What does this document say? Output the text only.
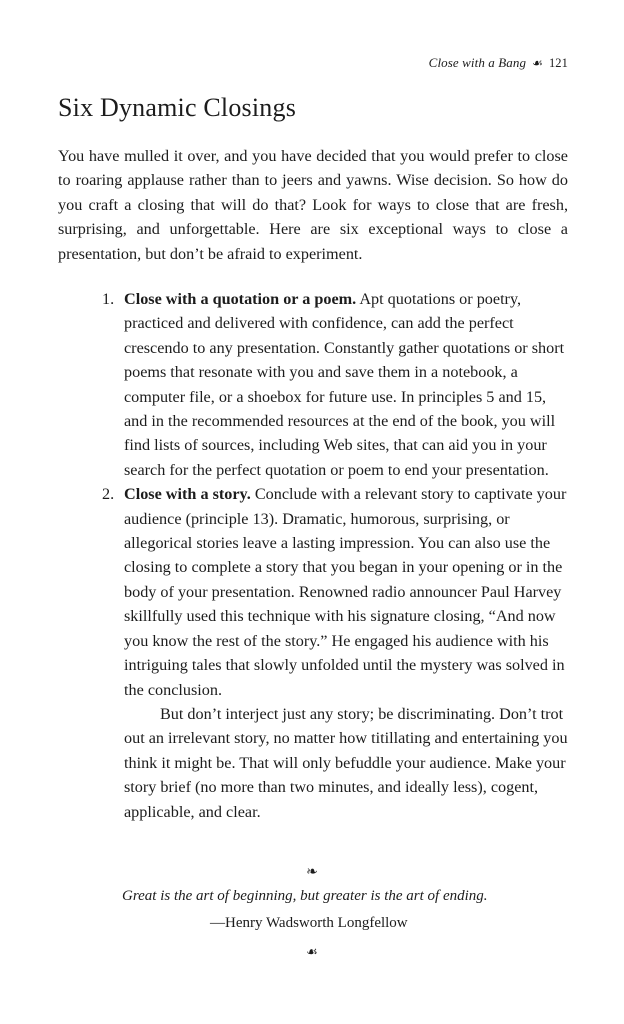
Close with a Bang ☙ 121
Six Dynamic Closings

You have mulled it over, and you have decided that you would prefer to close to roaring applause rather than to jeers and yawns. Wise decision. So how do you craft a closing that will do that? Look for ways to close that are fresh, surprising, and unforgettable. Here are six exceptional ways to close a presentation, but don’t be afraid to experiment.

1. Close with a quotation or a poem. Apt quotations or poetry, practiced and delivered with confidence, can add the perfect crescendo to any presentation. Constantly gather quotations or short poems that resonate with you and save them in a notebook, a computer file, or a shoebox for future use. In principles 5 and 15, and in the recommended resources at the end of the book, you will find lists of sources, including Web sites, that can aid you in your search for the perfect quotation or poem to end your presentation.

2. Close with a story. Conclude with a relevant story to captivate your audience (principle 13). Dramatic, humorous, surprising, or allegorical stories leave a lasting impression. You can also use the closing to complete a story that you began in your opening or in the body of your presentation. Renowned radio announcer Paul Harvey skillfully used this technique with his signature closing, “And now you know the rest of the story.” He engaged his audience with his intriguing tales that slowly unfolded until the mystery was solved in the conclusion.

But don’t interject just any story; be discriminating. Don’t trot out an irrelevant story, no matter how titillating and entertaining you think it might be. That will only befuddle your audience. Make your story brief (no more than two minutes, and ideally less), cogent, applicable, and clear.

❧

Great is the art of beginning, but greater is the art of ending.

—Henry Wadsworth Longfellow

☙
